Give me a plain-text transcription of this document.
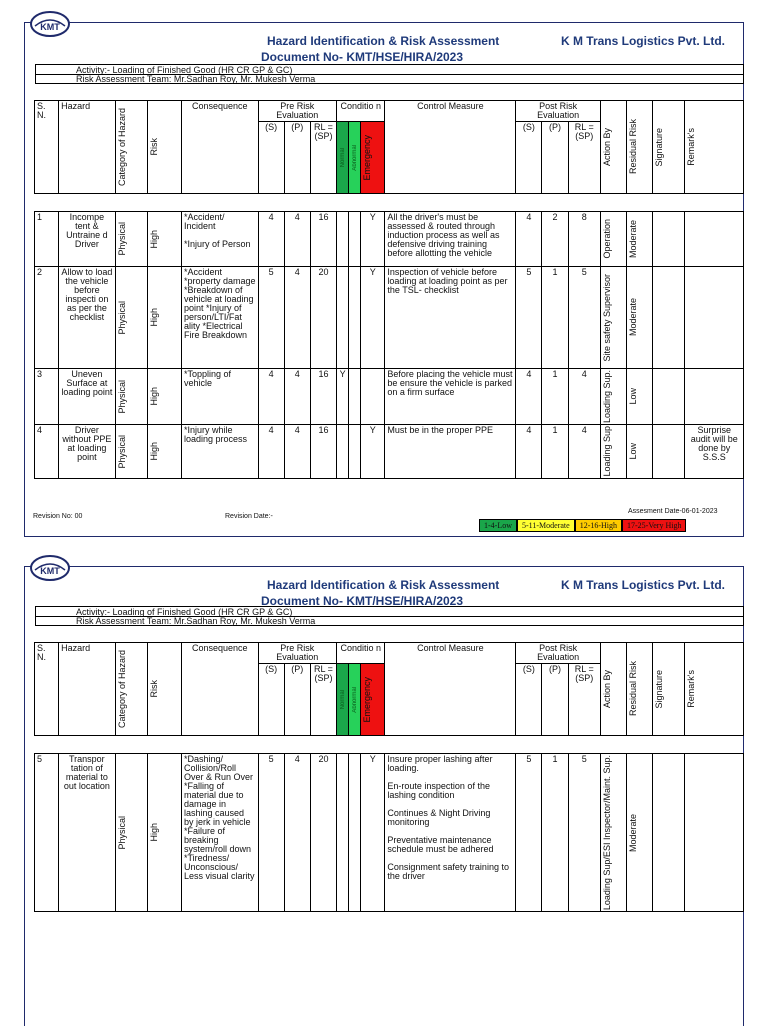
KMT
Hazard Identification & Risk Assessment	K M Trans Logistics Pvt. Ltd.
Document No- KMT/HSE/HIRA/2023
Activity:- Loading of Finished Good (HR CR GP & GC)
Risk Assessment Team: Mr.Sadhan Roy, Mr. Mukesh Verma
S. N.	Hazard	Category of Hazard	Risk	Consequence	Pre Risk Evaluation			Conditio n			Control Measure	Post Risk Evaluation			Action By	Residual Risk	Signature	Remark's

					(S)	(P)	RL = (SP)	Normal	Abnormal	Emergency		(S)	(P)	RL = (SP)				

1	Incompe tent & Untraine d Driver	Physical	High	*Accident/ Incident

*Injury of Person	4	4	16			Y	All the driver's must be assessed & routed through induction process as well as defensive driving training before allotting the vehicle	4	2	8	Operation	Moderate		

2	Allow to load the vehicle before inspecti on as per the checklist	Physical	High	*Accident *property damage *Breakdown of vehicle at loading point *Injury of person/LTI/Fat ality *Electrical Fire Breakdown	5	4	20			Y	Inspection of vehicle before loading at loading point as per the TSL- checklist	5	1	5	Site safety Supervisor	Moderate		

3	Uneven Surface at loading point	Physical	High	*Toppling of vehicle	4	4	16	Y			Before placing the vehicle must be ensure the vehicle is parked on a firm surface	4	1	4	Loading Sup.	Low		

4	Driver without PPE at loading point	Physical	High	*Injury while loading process	4	4	16			Y	Must be in the proper PPE	4	1	4	Loading Sup	Low		Surprise audit will be done by S.S.S
Revision No: 00	Revision Date:-
Assesment Date-06-01-2023
1-4-Low	5-11-Moderate	12-16-High	17-25-Very High
KMT
Hazard Identification & Risk Assessment	K M Trans Logistics Pvt. Ltd.
Document No- KMT/HSE/HIRA/2023
Activity:- Loading of Finished Good (HR CR GP & GC)
Risk Assessment Team: Mr.Sadhan Roy, Mr. Mukesh Verma
S. N.	Hazard	Category of Hazard	Risk	Consequence	Pre Risk Evaluation			Conditio n			Control Measure	Post Risk Evaluation			Action By	Residual Risk	Signature	Remark's

					(S)	(P)	RL = (SP)	Normal	Abnormal	Emergency		(S)	(P)	RL = (SP)				

5	Transpor tation of material to out location	Physical	High	*Dashing/ Collision/Roll Over & Run Over *Falling of material due to damage in lashing caused by jerk in vehicle *Failure of breaking system/roll down *Tiredness/ Unconscious/ Less visual clarity	5	4	20			Y	Insure proper lashing after loading.

En-route inspection of the lashing condition

Continues & Night Driving monitoring

Preventative maintenance schedule must be adhered

Consignment safety training to the driver	5	1	5	Loading Sup/ESI Inspector/Maint. Sup.	Moderate		
